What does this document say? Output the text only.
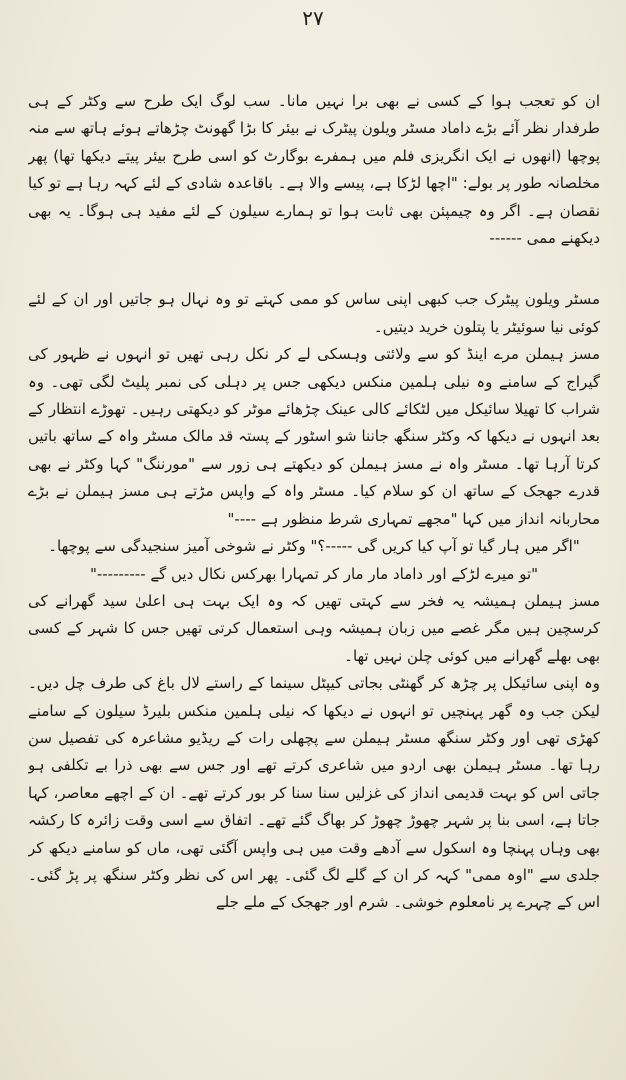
۲۷

ان کو تعجب ہوا کے کسی نے بھی برا نہیں مانا۔ سب لوگ ایک طرح سے وکٹر کے ہی طرفدار نظر آئے بڑے داماد مسٹر ویلون پیٹرک نے بیئر کا بڑا گھونٹ چڑھاتے ہوئے ہاتھ سے منہ پوچھا (انھوں نے ایک انگریزی فلم میں ہمفرے بوگارٹ کو اسی طرح بیئر پیتے دیکھا تھا) پھر مخلصانہ طور پر بولے: "اچھا لڑکا ہے، پیسے والا ہے۔ باقاعدہ شادی کے لئے کہہ رہا ہے تو کیا نقصان ہے۔ اگر وہ چیمپئن بھی ثابت ہوا تو ہمارے سیلون کے لئے مفید ہی ہوگا۔ یہ بھی دیکھنے ممی ------

مسٹر ویلون پیٹرک جب کبھی اپنی ساس کو ممی کہتے تو وہ نہال ہو جاتیں اور ان کے لئے کوئی نیا سوئیٹر یا پتلون خرید دیتیں۔

مسز ہیملن مرے اینڈ کو سے ولائتی وہسکی لے کر نکل رہی تھیں تو انہوں نے ظہور کی گیراج کے سامنے وہ نیلی ہلمین منکس دیکھی جس پر دہلی کی نمبر پلیٹ لگی تھی۔ وہ شراب کا تھیلا سائیکل میں لٹکائے کالی عینک چڑھائے موٹر کو دیکھتی رہیں۔ تھوڑے انتظار کے بعد انہوں نے دیکھا کہ وکٹر سنگھ جاننا شو اسٹور کے پستہ قد مالک مسٹر واہ کے ساتھ باتیں کرتا آرہا تھا۔ مسٹر واہ نے مسز ہیملن کو دیکھتے ہی زور سے "مورننگ" کہا وکٹر نے بھی قدرے جھجک کے ساتھ ان کو سلام کیا۔ مسٹر واہ کے واپس مڑتے ہی مسز ہیملن نے بڑے محاربانہ انداز میں کہا "مجھے تمہاری شرط منظور ہے ----"

"اگر میں ہار گیا تو آپ کیا کریں گی -----؟" وکٹر نے شوخی آمیز سنجیدگی سے پوچھا۔

"تو میرے لڑکے اور داماد مار مار کر تمہارا بھرکس نکال دیں گے ---------"

مسز ہیملن ہمیشہ یہ فخر سے کہتی تھیں کہ وہ ایک بہت ہی اعلیٰ سید گھرانے کی کرسچین ہیں مگر غصے میں زبان ہمیشہ وہی استعمال کرتی تھیں جس کا شہر کے کسی بھی بھلے گھرانے میں کوئی چلن نہیں تھا۔

وہ اپنی سائیکل پر چڑھ کر گھنٹی بجاتی کیپٹل سینما کے راستے لال باغ کی طرف چل دیں۔ لیکن جب وہ گھر پہنچیں تو انہوں نے دیکھا کہ نیلی ہلمین منکس بلیرڈ سیلون کے سامنے کھڑی تھی اور وکٹر سنگھ مسٹر ہیملن سے پچھلی رات کے ریڈیو مشاعرہ کی تفصیل سن رہا تھا۔ مسٹر ہیملن بھی اردو میں شاعری کرتے تھے اور جس سے بھی ذرا بے تکلفی ہو جاتی اس کو بہت قدیمی انداز کی غزلیں سنا سنا کر بور کرتے تھے۔ ان کے اچھے معاصر، کہا جاتا ہے، اسی بنا پر شہر چھوڑ چھوڑ کر بھاگ گئے تھے۔ اتفاق سے اسی وقت زائرہ کا رکشہ بھی وہاں پہنچا وہ اسکول سے آدھے وقت میں ہی واپس آگئی تھی، ماں کو سامنے دیکھ کر جلدی سے "اوہ ممی" کہہ کر ان کے گلے لگ گئی۔ پھر اس کی نظر وکٹر سنگھ پر پڑ گئی۔ اس کے چہرے پر نامعلوم خوشی۔ شرم اور جھجک کے ملے جلے
